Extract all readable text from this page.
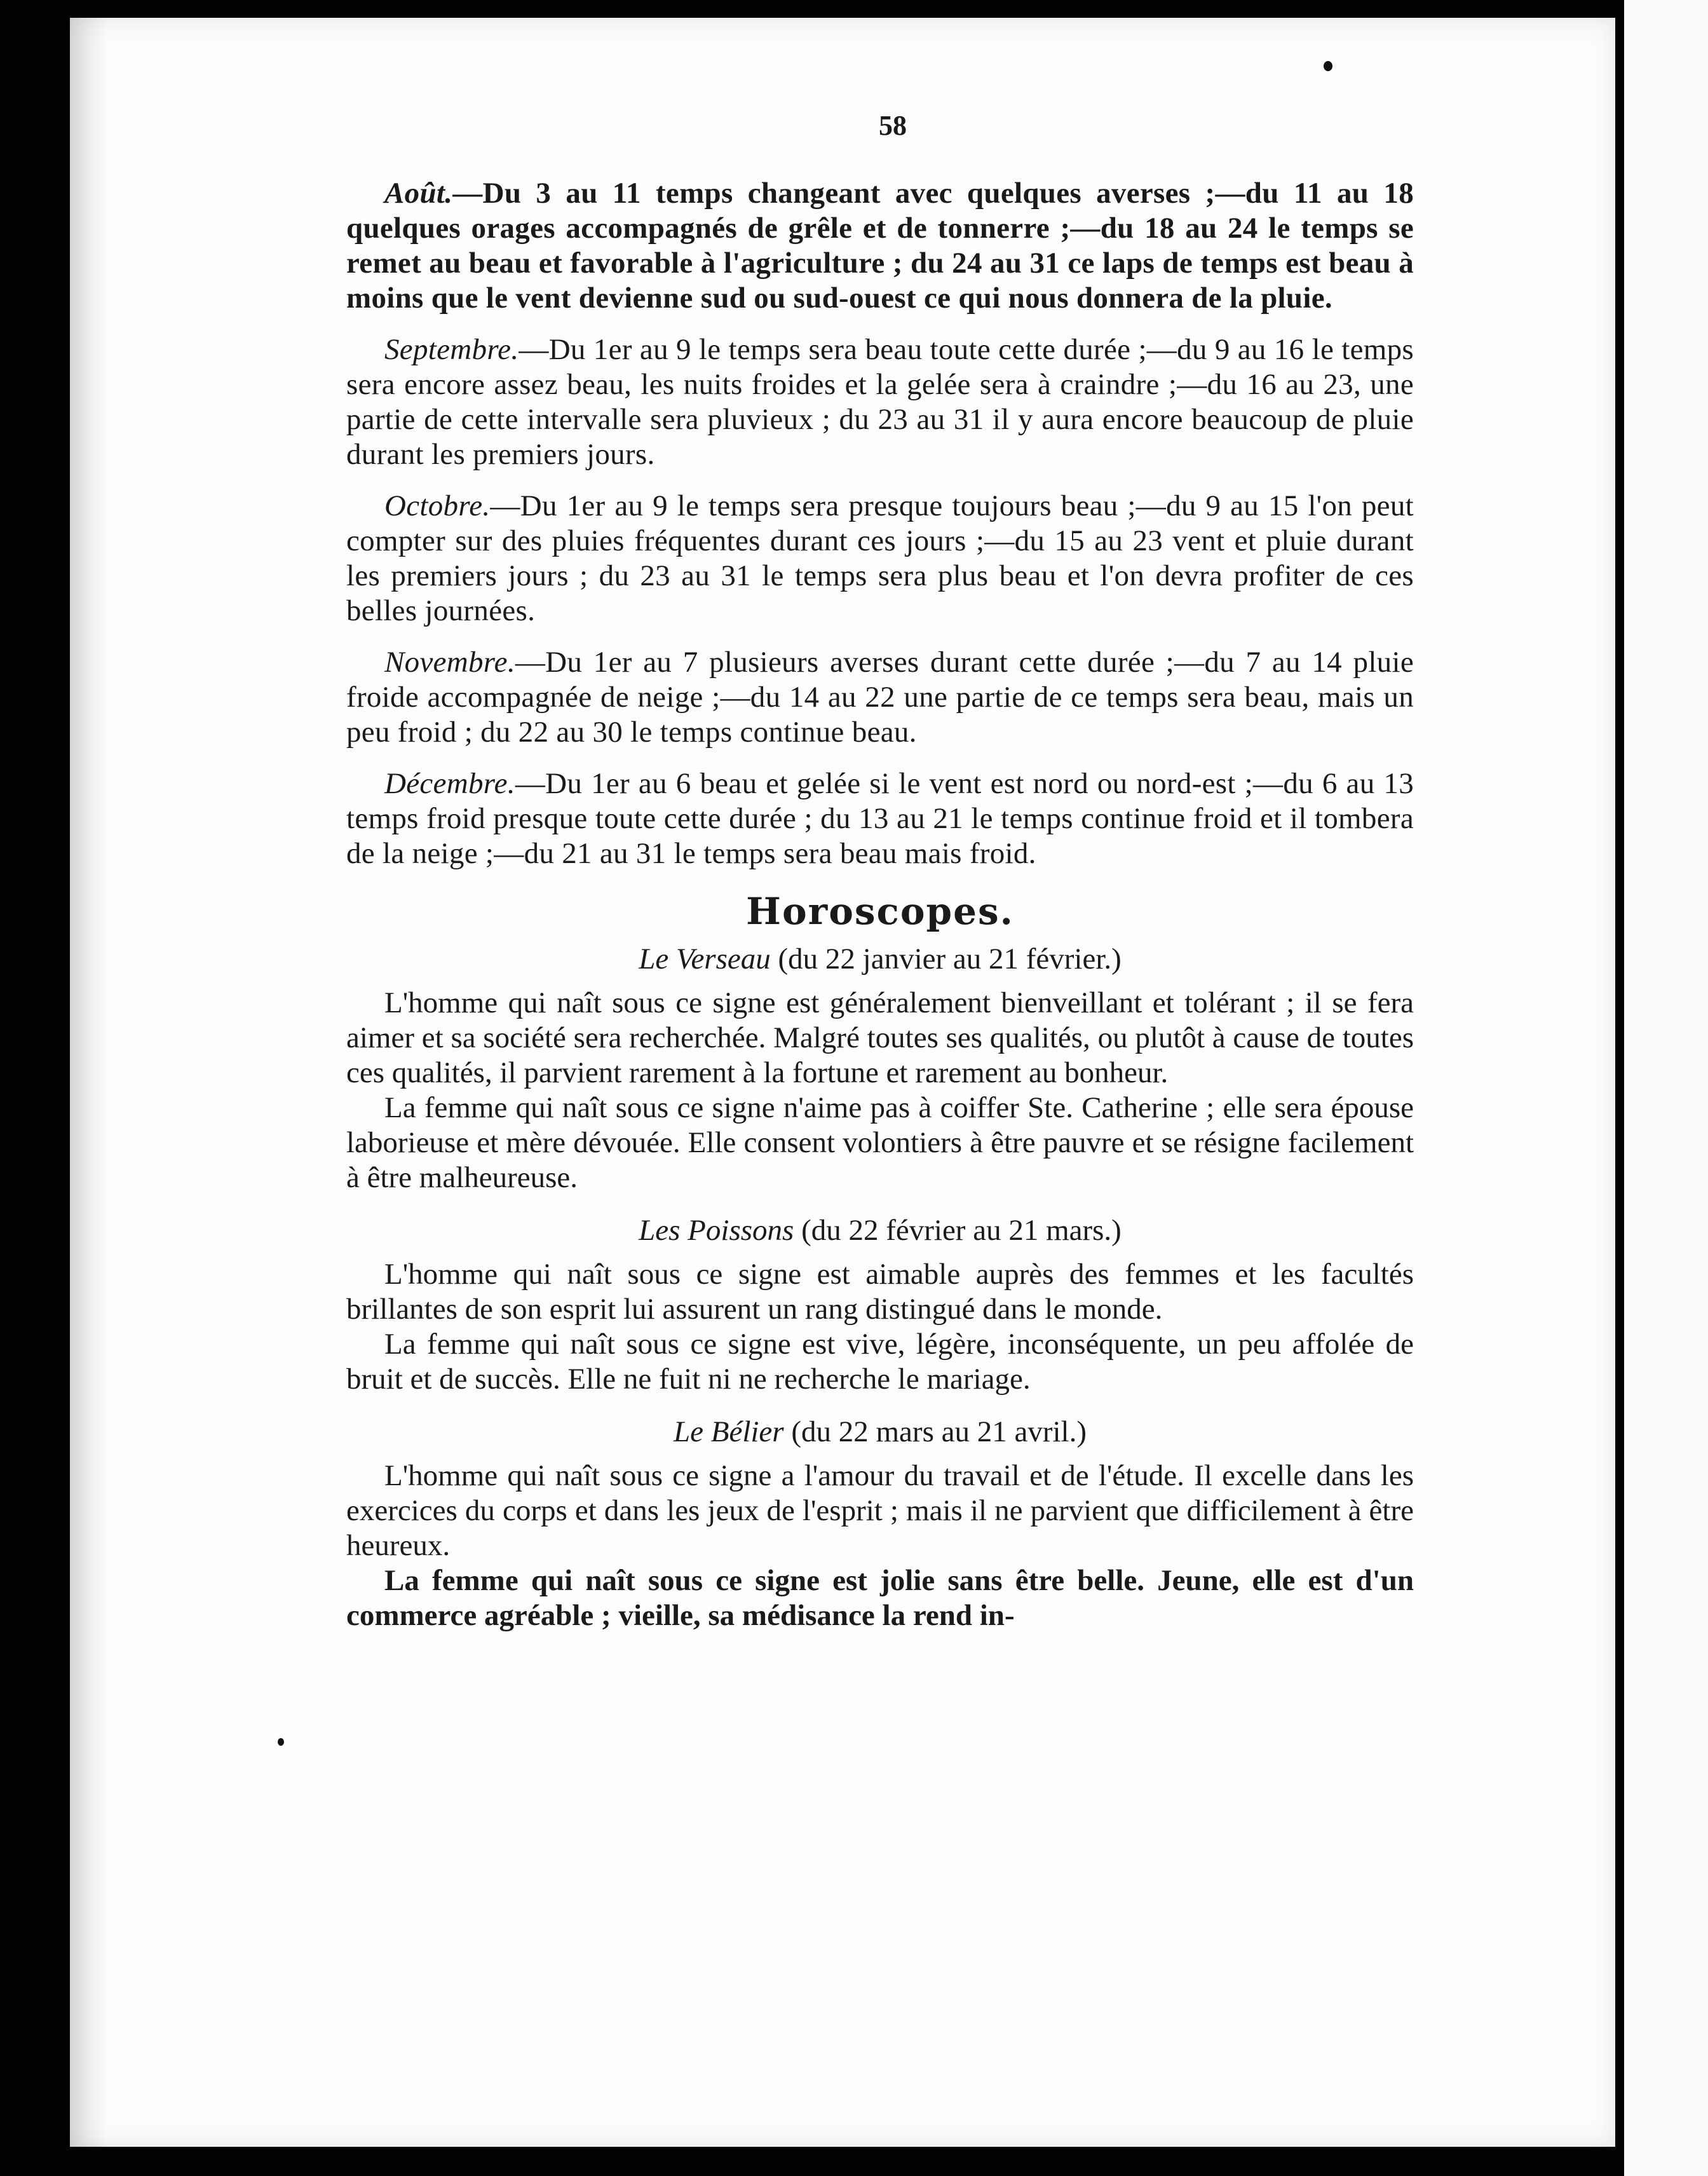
58

Août.—Du 3 au 11 temps changeant avec quelques averses ;—du 11 au 18 quelques orages accompagnés de grêle et de tonnerre ;—du 18 au 24 le temps se remet au beau et favorable à l'agriculture ; du 24 au 31 ce laps de temps est beau à moins que le vent devienne sud ou sud-ouest ce qui nous donnera de la pluie.

Septembre.—Du 1er au 9 le temps sera beau toute cette durée ;—du 9 au 16 le temps sera encore assez beau, les nuits froides et la gelée sera à craindre ;—du 16 au 23, une partie de cette intervalle sera pluvieux ; du 23 au 31 il y aura encore beaucoup de pluie durant les premiers jours.

Octobre.—Du 1er au 9 le temps sera presque toujours beau ;—du 9 au 15 l'on peut compter sur des pluies fréquentes durant ces jours ;—du 15 au 23 vent et pluie durant les premiers jours ; du 23 au 31 le temps sera plus beau et l'on devra profiter de ces belles journées.

Novembre.—Du 1er au 7 plusieurs averses durant cette durée ;—du 7 au 14 pluie froide accompagnée de neige ;—du 14 au 22 une partie de ce temps sera beau, mais un peu froid ; du 22 au 30 le temps continue beau.

Décembre.—Du 1er au 6 beau et gelée si le vent est nord ou nord-est ;—du 6 au 13 temps froid presque toute cette durée ; du 13 au 21 le temps continue froid et il tombera de la neige ;—du 21 au 31 le temps sera beau mais froid.

Horoscopes.
Le Verseau (du 22 janvier au 21 février.)

L'homme qui naît sous ce signe est généralement bienveillant et tolérant ; il se fera aimer et sa société sera recherchée. Malgré toutes ses qualités, ou plutôt à cause de toutes ces qualités, il parvient rarement à la fortune et rarement au bonheur.

La femme qui naît sous ce signe n'aime pas à coiffer Ste. Catherine ; elle sera épouse laborieuse et mère dévouée. Elle consent volontiers à être pauvre et se résigne facilement à être malheureuse.

Les Poissons (du 22 février au 21 mars.)

L'homme qui naît sous ce signe est aimable auprès des femmes et les facultés brillantes de son esprit lui assurent un rang distingué dans le monde.

La femme qui naît sous ce signe est vive, légère, inconséquente, un peu affolée de bruit et de succès. Elle ne fuit ni ne recherche le mariage.

Le Bélier (du 22 mars au 21 avril.)

L'homme qui naît sous ce signe a l'amour du travail et de l'étude. Il excelle dans les exercices du corps et dans les jeux de l'esprit ; mais il ne parvient que difficilement à être heureux.

La femme qui naît sous ce signe est jolie sans être belle. Jeune, elle est d'un commerce agréable ; vieille, sa médisance la rend in-
